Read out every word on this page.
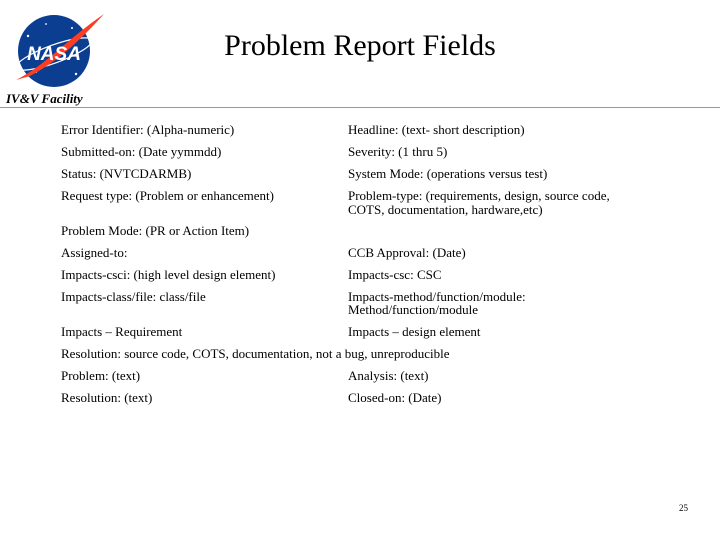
NASA	Problem Report Fields
IV&V Facility
Error Identifier: (Alpha-numeric)	Headline: (text- short description)
Submitted-on: (Date yymmdd)	Severity: (1 thru 5)
Status: (NVTCDARMB)	System Mode: (operations versus test)
Request type: (Problem or enhancement)	Problem-type: (requirements, design, source code,
COTS, documentation, hardware,etc)
Problem Mode: (PR or Action Item)
Assigned-to:	CCB Approval: (Date)
Impacts-csci: (high level design element)	Impacts-csc: CSC
Impacts-class/file: class/file	Impacts-method/function/module:
Method/function/module
Impacts – Requirement	Impacts – design element
Resolution: source code, COTS, documentation, not a bug, unreproducible
Problem: (text)	Analysis: (text)
Resolution: (text)	Closed-on: (Date)
25
